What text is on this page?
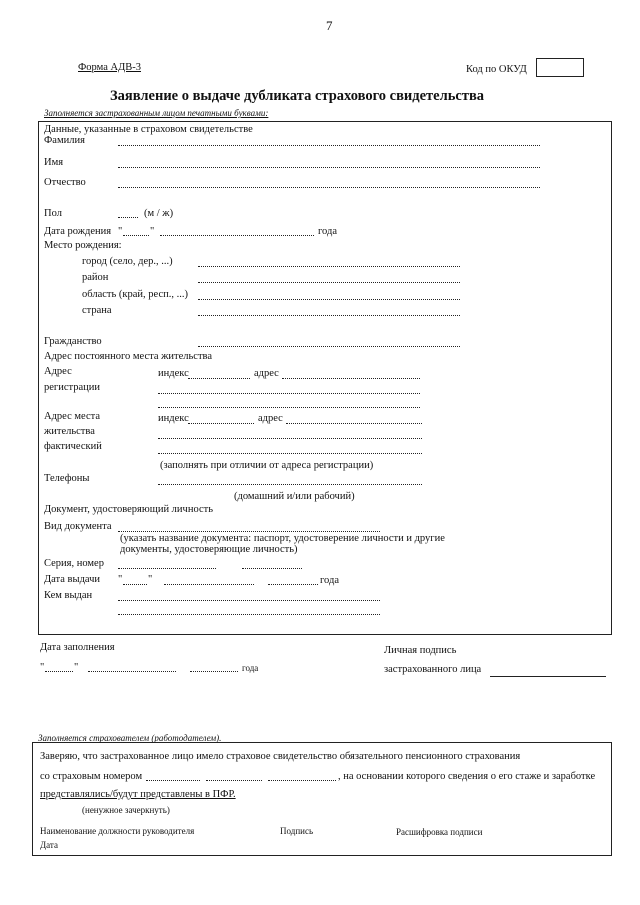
7
Форма АДВ-3	Код по ОКУД
Заявление о выдаче дубликата страхового свидетельства
Заполняется застрахованным лицом печатными буквами:
Данные, указанные в страховом свидетельстве
Фамилия
Имя
Отчество
Пол	(м / ж)
Дата рождения "	"	года
Место рождения:
город (село, дер., ...)
район
область (край, респ., ...)
страна
Гражданство
Адрес постоянного места жительства
Адрес
регистрации
индекс	адрес
Адрес места
жительства
фактический
индекс	адрес
(заполнять при отличии от адреса регистрации)
Телефоны
(домашний и/или рабочий)
Документ, удостоверяющий личность
Вид документа
(указать название документа: паспорт, удостоверение личности и другие
документы, удостоверяющие личность)
Серия, номер
Дата выдачи " "	года
Кем выдан
Дата заполнения
"	"	года
Личная подпись
застрахованного лица
Заполняется страхователем (работодателем).
Заверяю, что застрахованное лицо имело страховое свидетельство обязательного пенсионного страхования
со страховым номером	, на основании которого сведения о его стаже и заработке
представлялись/будут представлены в ПФР.
(ненужное зачеркнуть)
Наименование должности руководителя	Подпись	Расшифровка подписи
Дата
